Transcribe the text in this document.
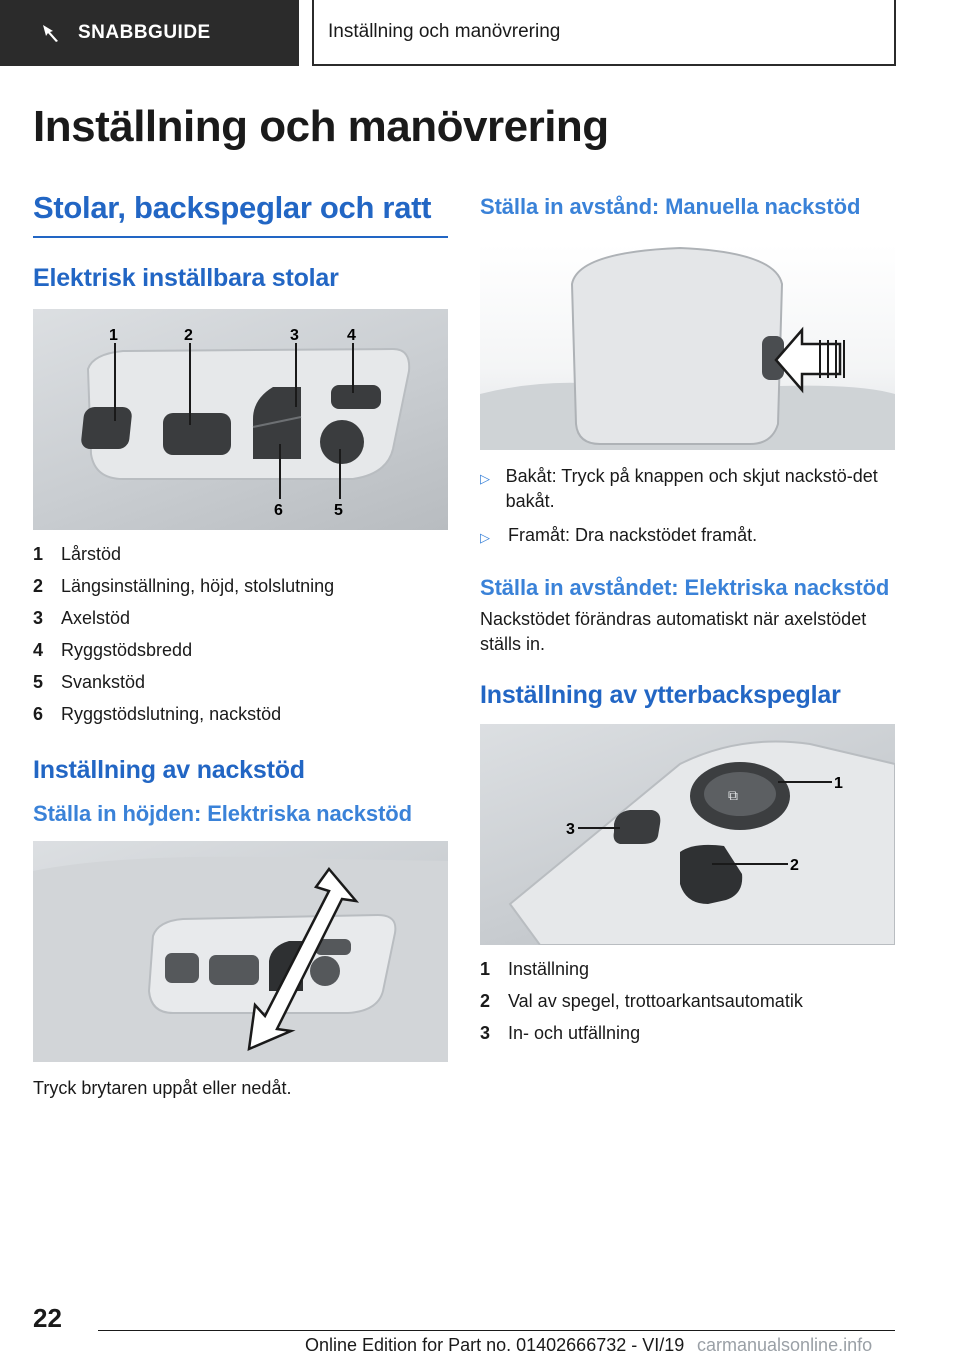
SNABBGUIDE	Inställning och manövrering
Inställning och manövrering
Stolar, backspeglar och ratt
Elektrisk inställbara stolar
1	2	3	4
5
6
1 Lårstöd
2 Längsinställning, höjd, stolslutning
3 Axelstöd
4 Ryggstödsbredd
5 Svankstöd
6 Ryggstödslutning, nackstöd
Inställning av nackstöd
Ställa in höjden: Elektriska nackstöd
Tryck brytaren uppåt eller nedåt.
Ställa in avstånd: Manuella nackstöd
▷ Bakåt: Tryck på knappen och skjut nackstö-det bakåt.
▷	Framåt: Dra nackstödet framåt.
Ställa in avståndet: Elektriska nackstöd
Nackstödet förändras automatiskt när axelstödet ställs in.
Inställning av ytterbackspeglar
⧉
1
2
3
1 Inställning
2 Val av spegel, trottoarkantsautomatik
3 In- och utfällning
22
Online Edition for Part no. 01402666732 - VI/19 carmanualsonline.info
